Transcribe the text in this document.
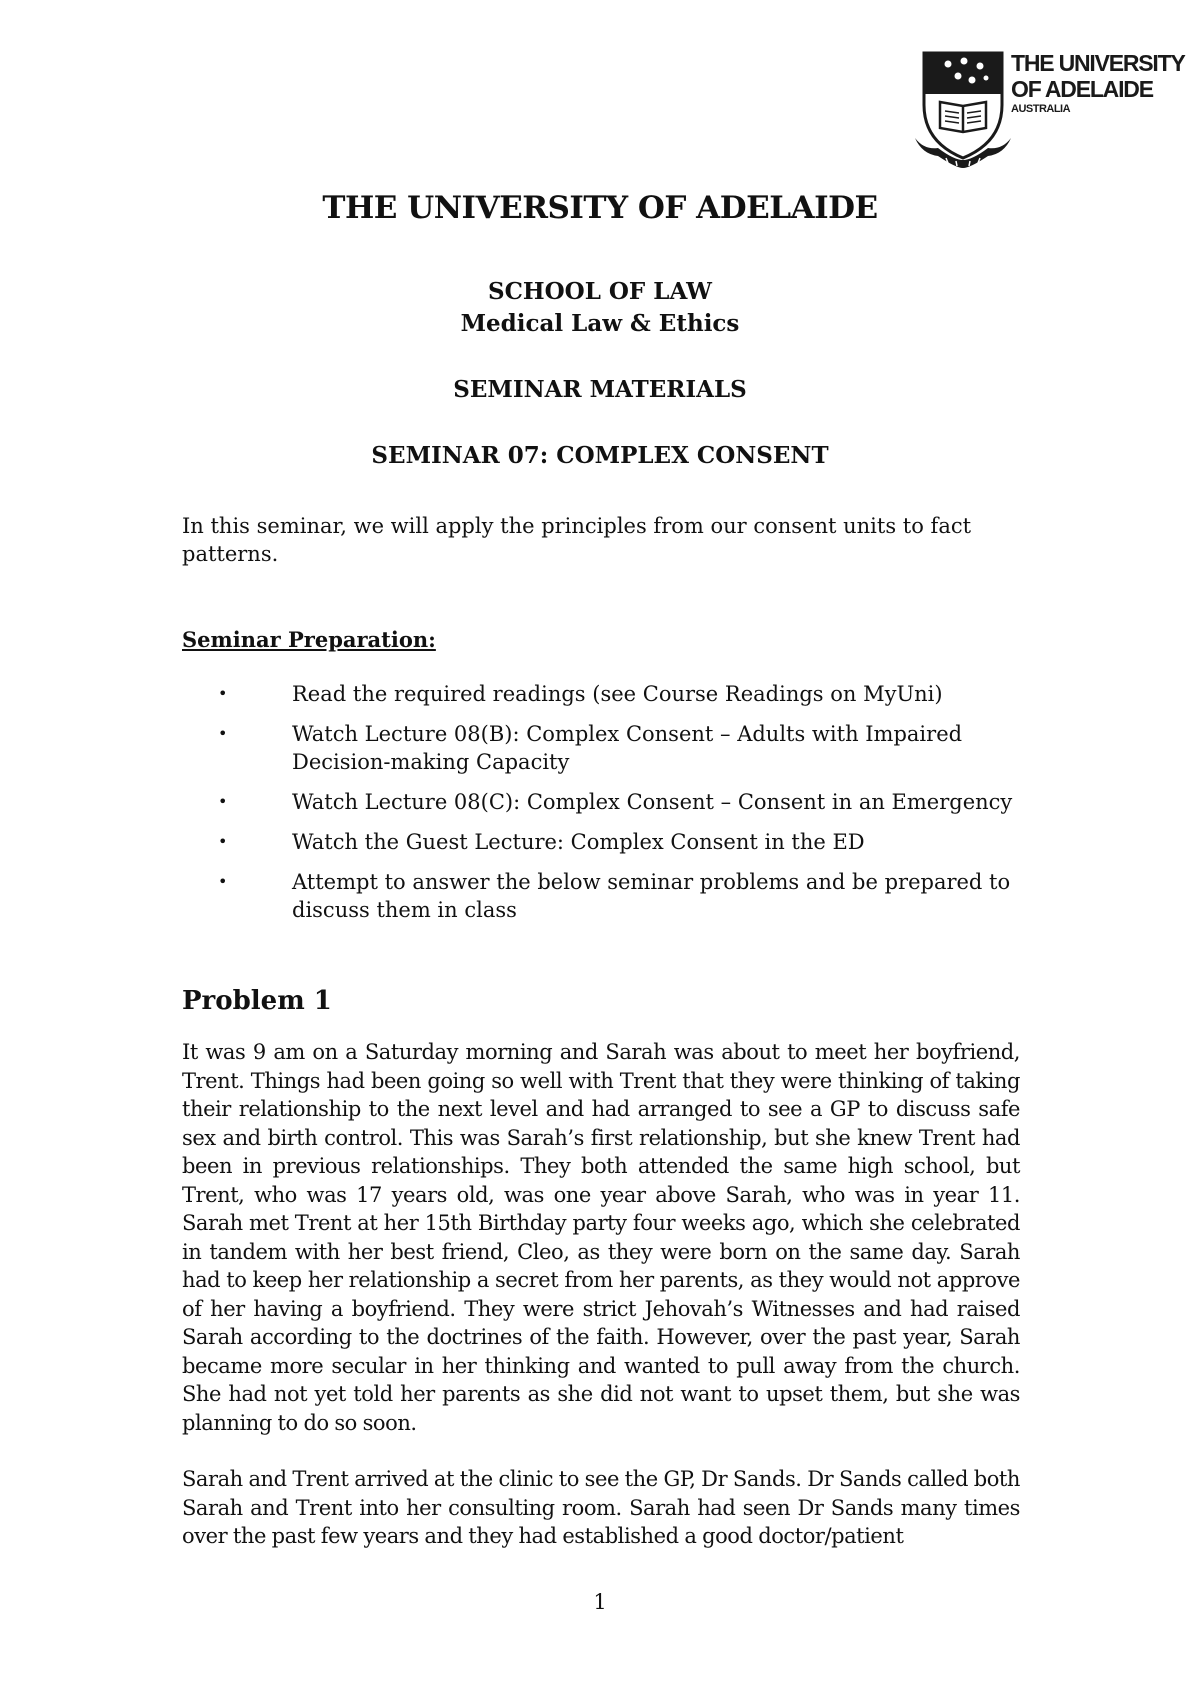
THE UNIVERSITY
OF ADELAIDE
AUSTRALIA
THE UNIVERSITY OF ADELAIDE
SCHOOL OF LAW
Medical Law & Ethics
SEMINAR MATERIALS
SEMINAR 07: COMPLEX CONSENT
In this seminar, we will apply the principles from our consent units to fact patterns.
Seminar Preparation:
•	Read the required readings (see Course Readings on MyUni)
•	Watch Lecture 08(B): Complex Consent – Adults with Impaired Decision-making Capacity
•	Watch Lecture 08(C): Complex Consent – Consent in an Emergency
•	Watch the Guest Lecture: Complex Consent in the ED
•	Attempt to answer the below seminar problems and be prepared to discuss them in class
Problem 1
It was 9 am on a Saturday morning and Sarah was about to meet her boyfriend, Trent. Things had been going so well with Trent that they were thinking of taking their relationship to the next level and had arranged to see a GP to discuss safe sex and birth control. This was Sarah’s first relationship, but she knew Trent had been in previous relationships. They both attended the same high school, but Trent, who was 17 years old, was one year above Sarah, who was in year 11. Sarah met Trent at her 15th Birthday party four weeks ago, which she celebrated in tandem with her best friend, Cleo, as they were born on the same day. Sarah had to keep her relationship a secret from her parents, as they would not approve of her having a boyfriend. They were strict Jehovah’s Witnesses and had raised Sarah according to the doctrines of the faith. However, over the past year, Sarah became more secular in her thinking and wanted to pull away from the church. She had not yet told her parents as she did not want to upset them, but she was planning to do so soon.
Sarah and Trent arrived at the clinic to see the GP, Dr Sands. Dr Sands called both Sarah and Trent into her consulting room. Sarah had seen Dr Sands many times over the past few years and they had established a good doctor/patient
1
